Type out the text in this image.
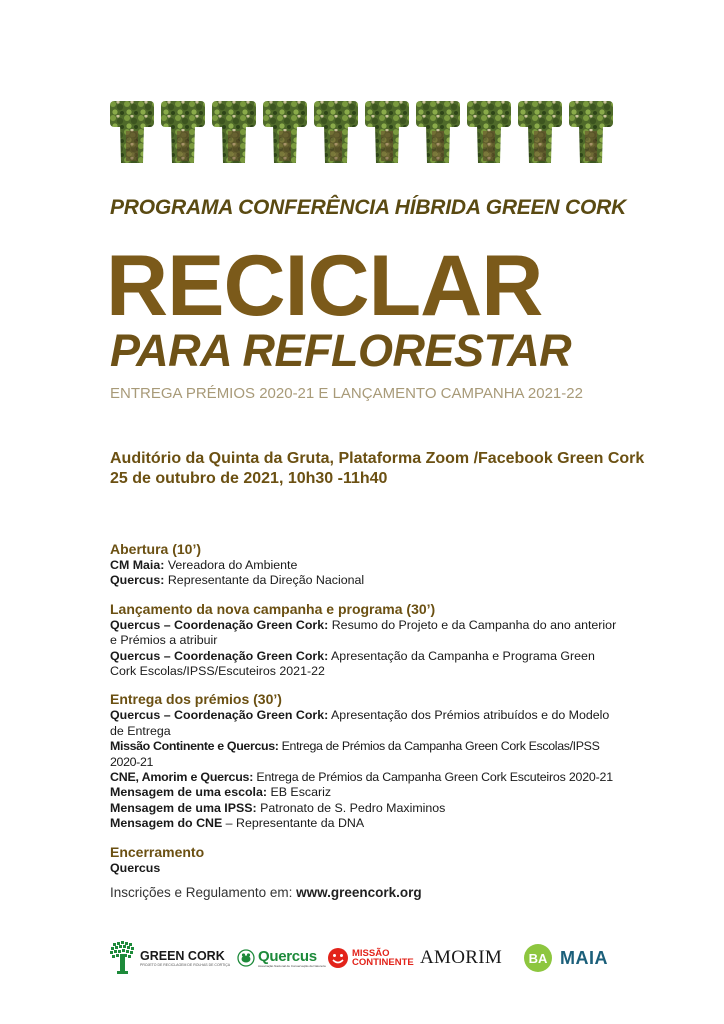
PROGRAMA CONFERÊNCIA HÍBRIDA GREEN CORK
RECICLAR
PARA REFLORESTAR
ENTREGA PRÉMIOS 2020-21 E LANÇAMENTO CAMPANHA 2021-22
Auditório da Quinta da Gruta, Plataforma Zoom /Facebook Green Cork
25 de outubro de 2021, 10h30 -11h40
Abertura (10’)
CM Maia: Vereadora do Ambiente
Quercus: Representante da Direção Nacional
Lançamento da nova campanha e programa (30’)
Quercus – Coordenação Green Cork: Resumo do Projeto e da Campanha do ano anterior e Prémios a atribuir
Quercus – Coordenação Green Cork: Apresentação da Campanha e Programa Green Cork Escolas/IPSS/Escuteiros 2021-22
Entrega dos prémios (30’)
Quercus – Coordenação Green Cork: Apresentação dos Prémios atribuídos e do Modelo de Entrega
Missão Continente e Quercus: Entrega de Prémios da Campanha Green Cork Escolas/IPSS 2020-21
CNE, Amorim e Quercus: Entrega de Prémios da Campanha Green Cork Escuteiros 2020-21
Mensagem de uma escola: EB Escariz
Mensagem de uma IPSS: Patronato de S. Pedro Maximinos
Mensagem do CNE – Representante da DNA
Encerramento
Quercus
Inscrições e Regulamento em: www.greencork.org
GREEN CORK
PROJETO DE RECICLAGEM DE ROLHAS DE CORTIÇA Quercus
Associação Nacional de Conservação da Natureza
MISSÃO
CONTINENTE AMORIM BA MAIA
